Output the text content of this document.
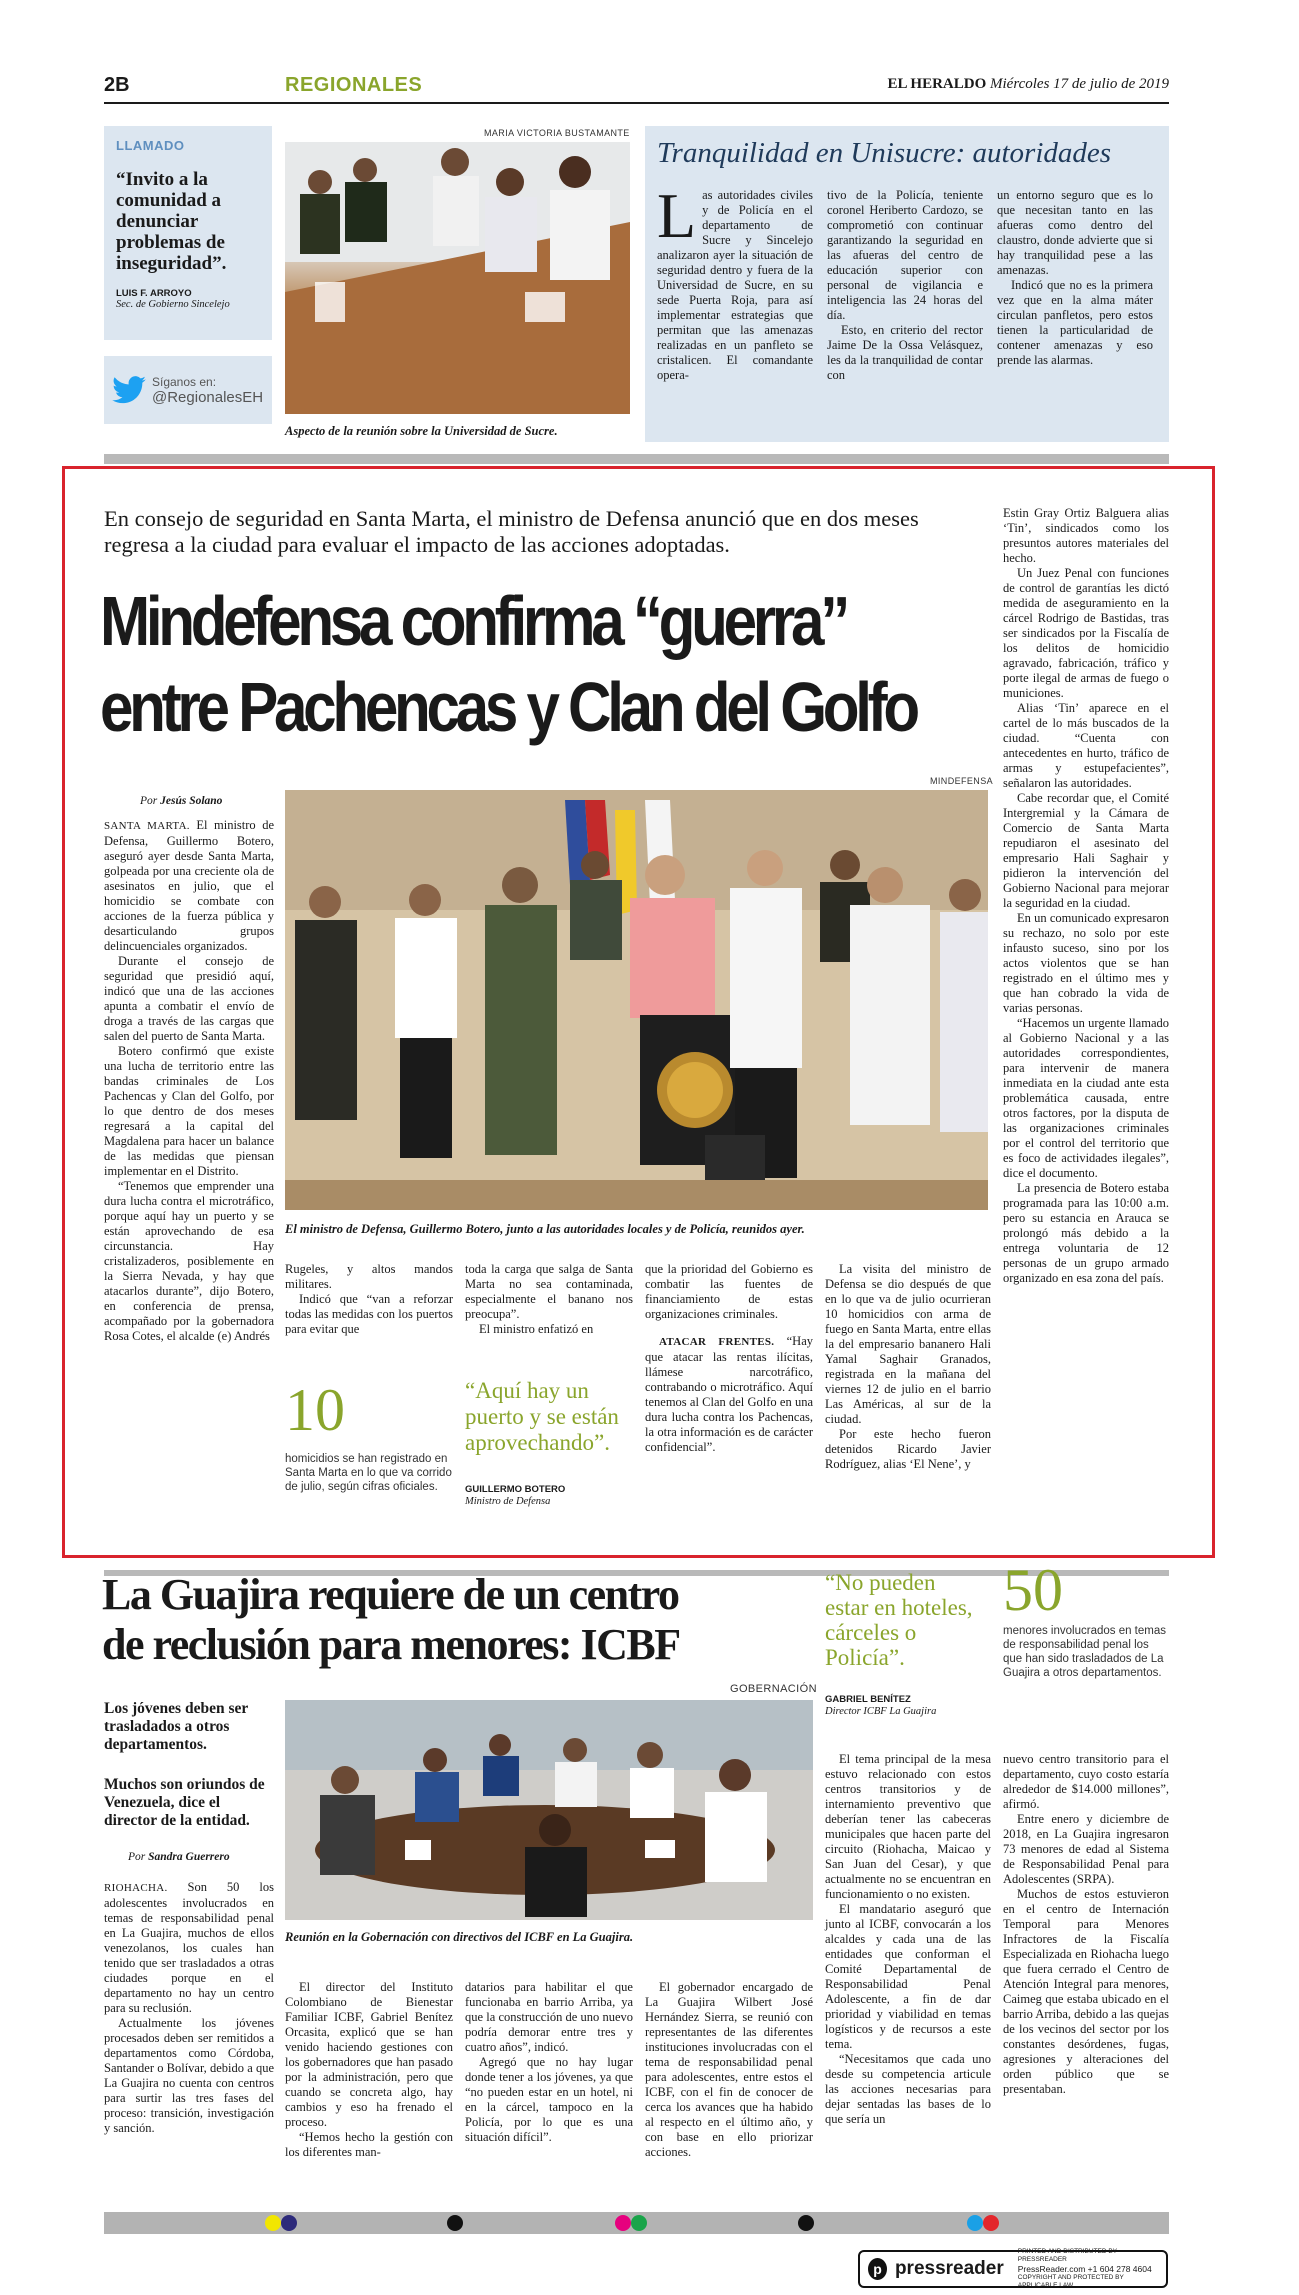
2B	REGIONALES	EL HERALDO Miércoles 17 de julio de 2019
LLAMADO
“Invito a la comunidad a denunciar problemas de inseguridad”.
LUIS F. ARROYO
Sec. de Gobierno Sincelejo
Síganos en:
@RegionalesEH
MARIA VICTORIA BUSTAMANTE
Aspecto de la reunión sobre la Universidad de Sucre.
Tranquilidad en Unisucre: autoridades

Las autoridades civiles y de Policía en el departamento de Sucre y Sincelejo analizaron ayer la situación de seguridad dentro y fuera de la Universidad de Sucre, en su sede Puerta Roja, para así implementar estrategias que permitan que las amenazas realizadas en un panfleto se cristalicen. El comandante opera-

tivo de la Policía, teniente coronel Heriberto Cardozo, se comprometió con continuar garantizando la seguridad en las afueras del centro de educación superior con personal de vigilancia e inteligencia las 24 horas del día.

Esto, en criterio del rector Jaime De la Ossa Velásquez, les da la tranquilidad de contar con

un entorno seguro que es lo que necesitan tanto en las afueras como dentro del claustro, donde advierte que si hay tranquilidad pese a las amenazas.

Indicó que no es la primera vez que en la alma máter circulan panfletos, pero estos tienen la particularidad de contener amenazas y eso prende las alarmas.

En consejo de seguridad en Santa Marta, el ministro de Defensa anunció que en dos meses regresa a la ciudad para evaluar el impacto de las acciones adoptadas.
Mindefensa confirma “guerra”
entre Pachencas y Clan del Golfo
Por Jesús Solano
MINDEFENSA
El ministro de Defensa, Guillermo Botero, junto a las autoridades locales y de Policía, reunidos ayer.

SANTA MARTA. El ministro de Defensa, Guillermo Botero, aseguró ayer desde Santa Marta, golpeada por una creciente ola de asesinatos en julio, que el homicidio se combate con acciones de la fuerza pública y desarticulando grupos delincuenciales organizados.

Durante el consejo de seguridad que presidió aquí, indicó que una de las acciones apunta a combatir el envío de droga a través de las cargas que salen del puerto de Santa Marta.

Botero confirmó que existe una lucha de territorio entre las bandas criminales de Los Pachencas y Clan del Golfo, por lo que dentro de dos meses regresará a la capital del Magdalena para hacer un balance de las medidas que piensan implementar en el Distrito.

“Tenemos que emprender una dura lucha contra el microtráfico, porque aquí hay un puerto y se están aprovechando de esa circunstancia. Hay cristalizaderos, posiblemente en la Sierra Nevada, y hay que atacarlos durante”, dijo Botero, en conferencia de prensa, acompañado por la gobernadora Rosa Cotes, el alcalde (e) Andrés

Rugeles, y altos mandos militares.

Indicó que “van a reforzar todas las medidas con los puertos para evitar que

10
homicidios se han registrado en Santa Marta en lo que va corrido de julio, según cifras oficiales.

toda la carga que salga de Santa Marta no sea contaminada, especialmente el banano nos preocupa”.

El ministro enfatizó en

“Aquí hay un puerto y se están aprovechando”.
GUILLERMO BOTERO
Ministro de Defensa

que la prioridad del Gobierno es combatir las fuentes de financiamiento de estas organizaciones criminales.

ATACAR FRENTES. “Hay que atacar las rentas ilícitas, llámese narcotráfico, contrabando o microtráfico. Aquí tenemos al Clan del Golfo en una dura lucha contra los Pachencas, la otra información es de carácter confidencial”.

La visita del ministro de Defensa se dio después de que en lo que va de julio ocurrieran 10 homicidios con arma de fuego en Santa Marta, entre ellas la del empresario bananero Hali Yamal Saghair Granados, registrada en la mañana del viernes 12 de julio en el barrio Las Américas, al sur de la ciudad.

Por este hecho fueron detenidos Ricardo Javier Rodríguez, alias ‘El Nene’, y

Estin Gray Ortiz Balguera alias ‘Tin’, sindicados como los presuntos autores materiales del hecho.

Un Juez Penal con funciones de control de garantías les dictó medida de aseguramiento en la cárcel Rodrigo de Bastidas, tras ser sindicados por la Fiscalía de los delitos de homicidio agravado, fabricación, tráfico y porte ilegal de armas de fuego o municiones.

Alias ‘Tin’ aparece en el cartel de lo más buscados de la ciudad. “Cuenta con antecedentes en hurto, tráfico de armas y estupefacientes”, señalaron las autoridades.

Cabe recordar que, el Comité Intergremial y la Cámara de Comercio de Santa Marta repudiaron el asesinato del empresario Hali Saghair y pidieron la intervención del Gobierno Nacional para mejorar la seguridad en la ciudad.

En un comunicado expresaron su rechazo, no solo por este infausto suceso, sino por los actos violentos que se han registrado en el último mes y que han cobrado la vida de varias personas.

“Hacemos un urgente llamado al Gobierno Nacional y a las autoridades correspondientes, para intervenir de manera inmediata en la ciudad ante esta problemática causada, entre otros factores, por la disputa de las organizaciones criminales por el control del territorio que es foco de actividades ilegales”, dice el documento.

La presencia de Botero estaba programada para las 10:00 a.m. pero su estancia en Arauca se prolongó más debido a la entrega voluntaria de 12 personas de un grupo armado organizado en esa zona del país.

La Guajira requiere de un centro
de reclusión para menores: ICBF
“No pueden estar en hoteles, cárceles o Policía”.
GABRIEL BENÍTEZ
Director ICBF La Guajira
50
menores involucrados en temas de responsabilidad penal los que han sido trasladados de La Guajira a otros departamentos.
GOBERNACIÓN
Los jóvenes deben ser trasladados a otros departamentos.
Muchos son oriundos de Venezuela, dice el director de la entidad.
Por Sandra Guerrero
Reunión en la Gobernación con directivos del ICBF en La Guajira.

RIOHACHA. Son 50 los adolescentes involucrados en temas de responsabilidad penal en La Guajira, muchos de ellos venezolanos, los cuales han tenido que ser trasladados a otras ciudades porque en el departamento no hay un centro para su reclusión.

Actualmente los jóvenes procesados deben ser remitidos a departamentos como Córdoba, Santander o Bolívar, debido a que La Guajira no cuenta con centros para surtir las tres fases del proceso: transición, investigación y sanción.

El director del Instituto Colombiano de Bienestar Familiar ICBF, Gabriel Benítez Orcasita, explicó que se han venido haciendo gestiones con los gobernadores que han pasado por la administración, pero que cuando se concreta algo, hay cambios y eso ha frenado el proceso.

“Hemos hecho la gestión con los diferentes man-

datarios para habilitar el que funcionaba en barrio Arriba, ya que la construcción de uno nuevo podría demorar entre tres y cuatro años”, indicó.

Agregó que no hay lugar donde tener a los jóvenes, ya que “no pueden estar en un hotel, ni en la cárcel, tampoco en la Policía, por lo que es una situación difícil”.

El gobernador encargado de La Guajira Wilbert José Hernández Sierra, se reunió con representantes de las diferentes instituciones involucradas con el tema de responsabilidad penal para adolescentes, entre estos el ICBF, con el fin de conocer de cerca los avances que ha habido al respecto en el último año, y con base en ello priorizar acciones.

El tema principal de la mesa estuvo relacionado con estos centros transitorios y de internamiento preventivo que deberían tener las cabeceras municipales que hacen parte del circuito (Riohacha, Maicao y San Juan del Cesar), y que actualmente no se encuentran en funcionamiento o no existen.

El mandatario aseguró que junto al ICBF, convocarán a los alcaldes y cada una de las entidades que conforman el Comité Departamental de Responsabilidad Penal Adolescente, a fin de dar prioridad y viabilidad en temas logísticos y de recursos a este tema.

“Necesitamos que cada uno desde su competencia articule las acciones necesarias para dejar sentadas las bases de lo que sería un

nuevo centro transitorio para el departamento, cuyo costo estaría alrededor de $14.000 millones”, afirmó.

Entre enero y diciembre de 2018, en La Guajira ingresaron 73 menores de edad al Sistema de Responsabilidad Penal para Adolescentes (SRPA).

Muchos de estos estuvieron en el centro de Internación Temporal para Menores Infractores de la Fiscalía Especializada en Riohacha luego que fuera cerrado el Centro de Atención Integral para menores, Caimeg que estaba ubicado en el barrio Arriba, debido a las quejas de los vecinos del sector por los constantes desórdenes, fugas, agresiones y alteraciones del orden público que se presentaban.

p pressreader
PRINTED AND DISTRIBUTED BY PRESSREADER
PressReader.com +1 604 278 4604
COPYRIGHT AND PROTECTED BY APPLICABLE LAW
